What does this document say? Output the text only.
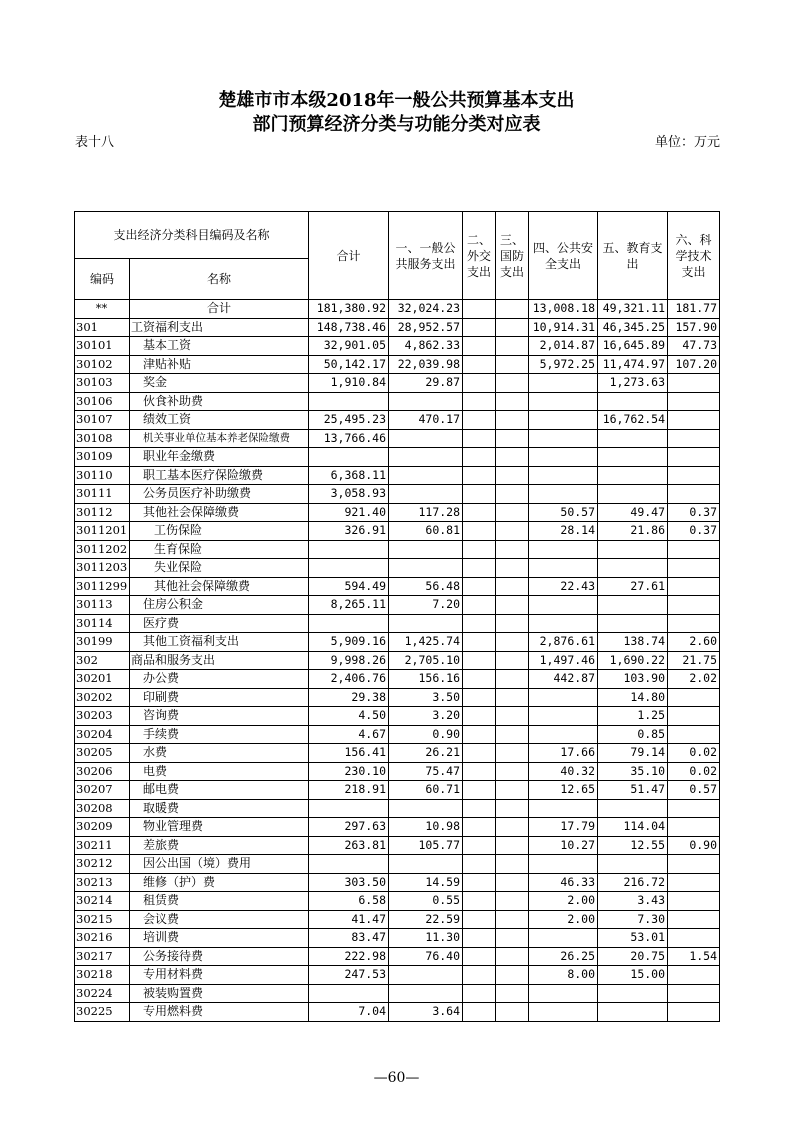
楚雄市市本级2018年一般公共预算基本支出
部门预算经济分类与功能分类对应表
表十八	单位：万元
支出经济分类科目编码及名称		合计	一、一般公共服务支出	二、外交支出	三、国防支出	四、公共安全支出	五、教育支出	六、科学技术支出
编码	名称							
**	合计	181,380.92	32,024.23			13,008.18	49,321.11	181.77
301	工资福利支出	148,738.46	28,952.57			10,914.31	46,345.25	157.90
30101	基本工资	32,901.05	4,862.33			2,014.87	16,645.89	47.73
30102	津贴补贴	50,142.17	22,039.98			5,972.25	11,474.97	107.20
30103	奖金	1,910.84	29.87				1,273.63	
30106	伙食补助费							
30107	绩效工资	25,495.23	470.17				16,762.54	
30108	机关事业单位基本养老保险缴费	13,766.46						
30109	职业年金缴费							
30110	职工基本医疗保险缴费	6,368.11						
30111	公务员医疗补助缴费	3,058.93						
30112	其他社会保障缴费	921.40	117.28			50.57	49.47	0.37
3011201	工伤保险	326.91	60.81			28.14	21.86	0.37
3011202	生育保险							
3011203	失业保险							
3011299	其他社会保障缴费	594.49	56.48			22.43	27.61	
30113	住房公积金	8,265.11	7.20					
30114	医疗费							
30199	其他工资福利支出	5,909.16	1,425.74			2,876.61	138.74	2.60
302	商品和服务支出	9,998.26	2,705.10			1,497.46	1,690.22	21.75
30201	办公费	2,406.76	156.16			442.87	103.90	2.02
30202	印刷费	29.38	3.50				14.80	
30203	咨询费	4.50	3.20				1.25	
30204	手续费	4.67	0.90				0.85	
30205	水费	156.41	26.21			17.66	79.14	0.02
30206	电费	230.10	75.47			40.32	35.10	0.02
30207	邮电费	218.91	60.71			12.65	51.47	0.57
30208	取暖费							
30209	物业管理费	297.63	10.98			17.79	114.04	
30211	差旅费	263.81	105.77			10.27	12.55	0.90
30212	因公出国（境）费用							
30213	维修（护）费	303.50	14.59			46.33	216.72	
30214	租赁费	6.58	0.55			2.00	3.43	
30215	会议费	41.47	22.59			2.00	7.30	
30216	培训费	83.47	11.30				53.01	
30217	公务接待费	222.98	76.40			26.25	20.75	1.54
30218	专用材料费	247.53				8.00	15.00	
30224	被装购置费							
30225	专用燃料费	7.04	3.64					
—60—
